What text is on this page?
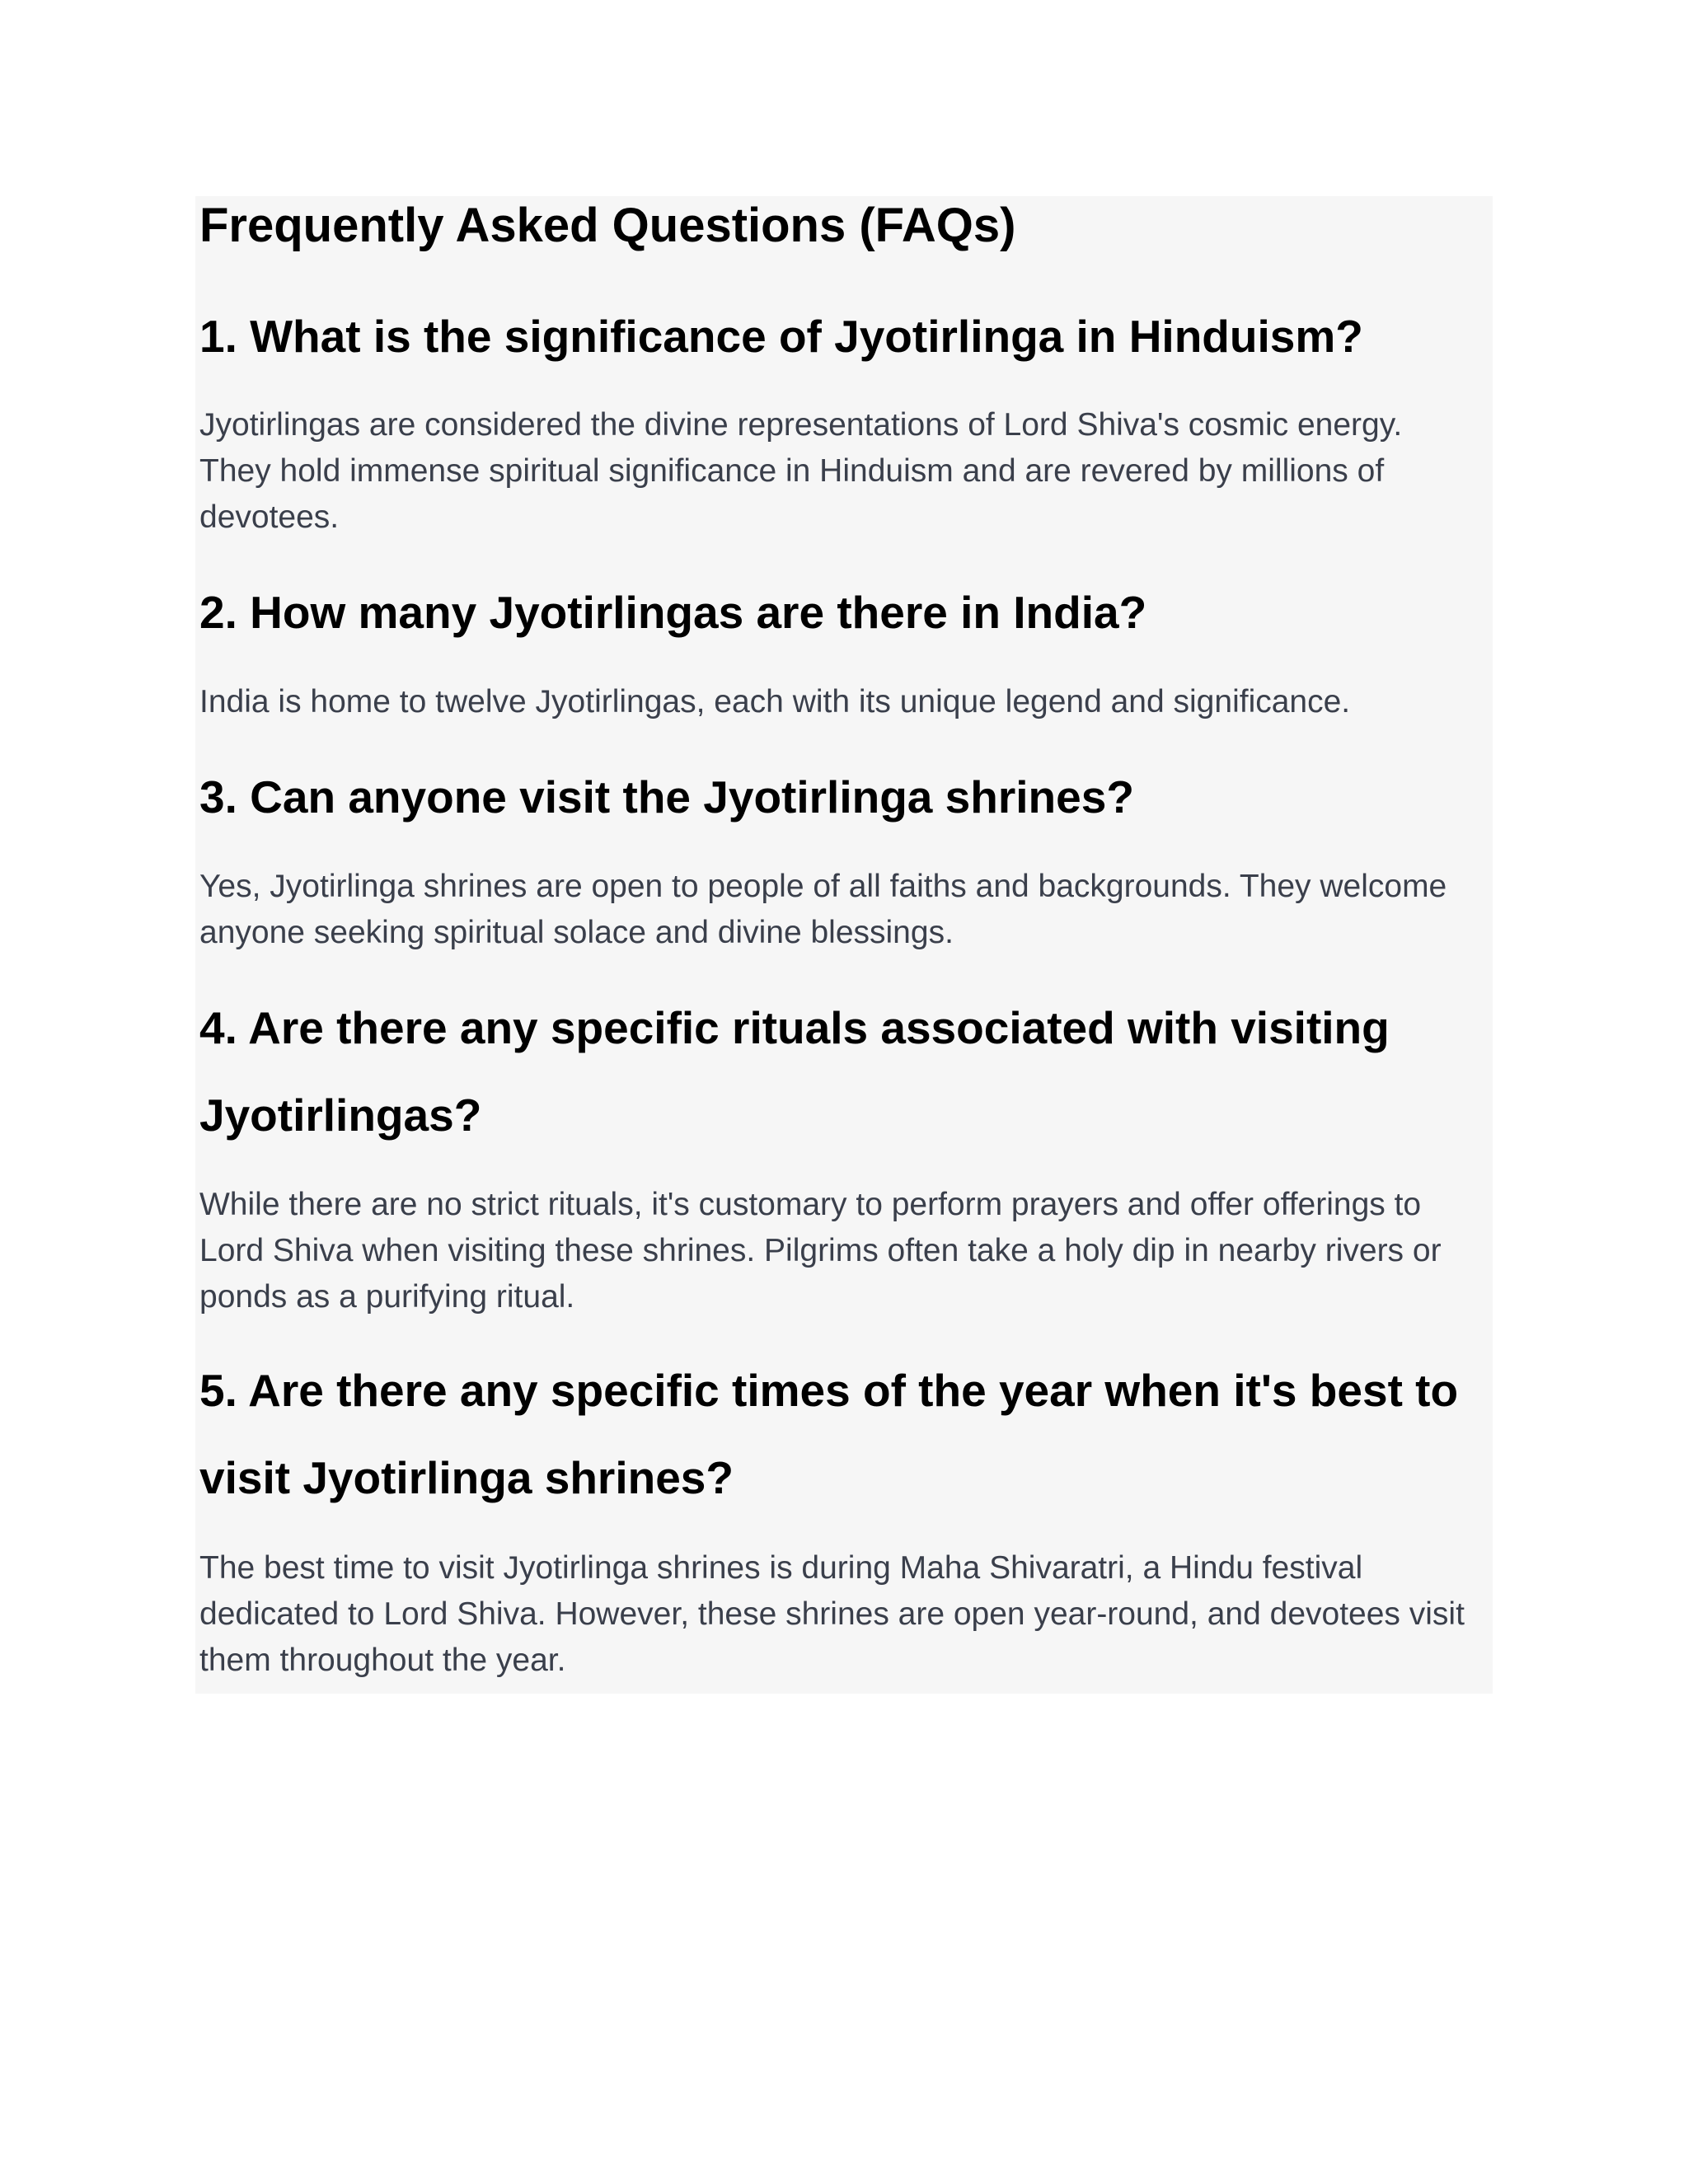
Frequently Asked Questions (FAQs)
1. What is the significance of Jyotirlinga in Hinduism?
Jyotirlingas are considered the divine representations of Lord Shiva's cosmic energy.
They hold immense spiritual significance in Hinduism and are revered by millions of
devotees.
2. How many Jyotirlingas are there in India?
India is home to twelve Jyotirlingas, each with its unique legend and significance.
3. Can anyone visit the Jyotirlinga shrines?
Yes, Jyotirlinga shrines are open to people of all faiths and backgrounds. They welcome
anyone seeking spiritual solace and divine blessings.
4. Are there any specific rituals associated with visiting
Jyotirlingas?
While there are no strict rituals, it's customary to perform prayers and offer offerings to
Lord Shiva when visiting these shrines. Pilgrims often take a holy dip in nearby rivers or
ponds as a purifying ritual.
5. Are there any specific times of the year when it's best to
visit Jyotirlinga shrines?
The best time to visit Jyotirlinga shrines is during Maha Shivaratri, a Hindu festival
dedicated to Lord Shiva. However, these shrines are open year-round, and devotees visit
them throughout the year.
